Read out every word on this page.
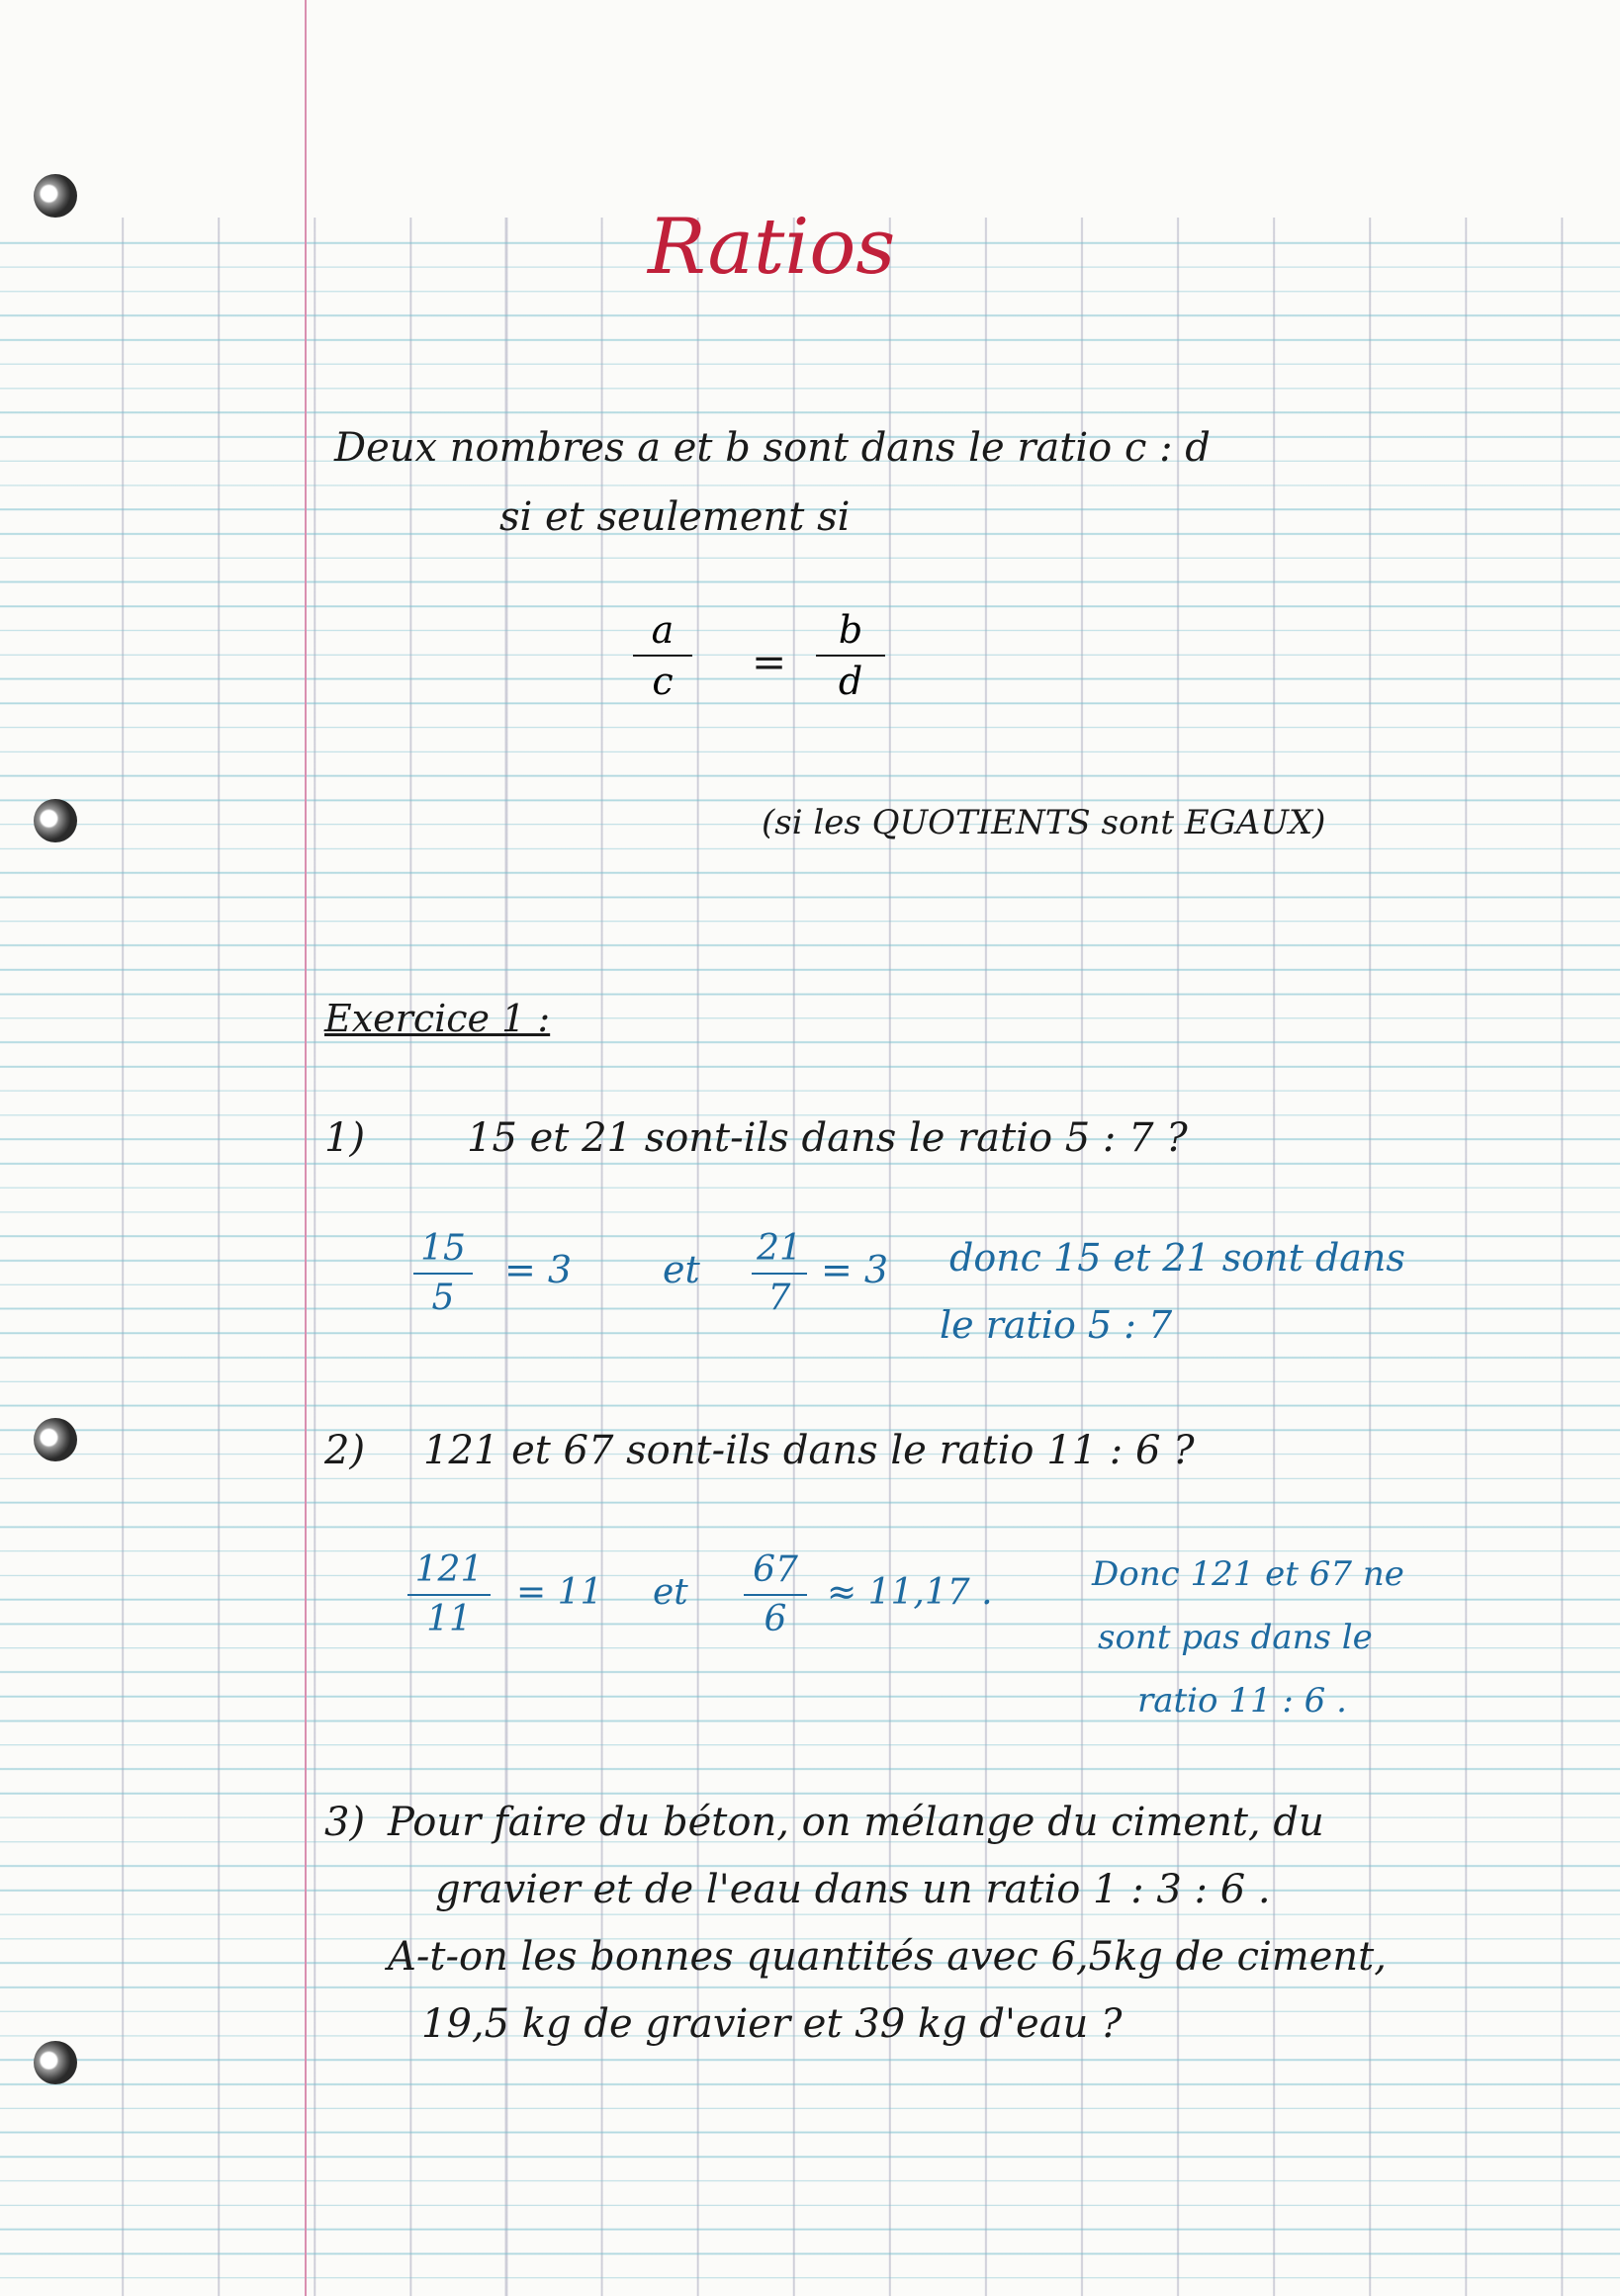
Ratios
Deux nombres a et b sont dans le ratio c : d
si et seulement si
a
c	=
b
d
(si les QUOTIENTS sont EGAUX)
Exercice 1 :
1)	15 et 21 sont-ils dans le ratio 5 : 7 ?
15
5
= 3 et 21
7
= 3 donc 15 et 21 sont dans
le ratio 5 : 7
2) 121 et 67 sont-ils dans le ratio 11 : 6 ?
121
11
= 11 et
67
6
≈ 11,17 .	Donc 121 et 67 ne
sont pas dans le
ratio 11 : 6 .
3) Pour faire du béton, on mélange du ciment, du
gravier et de l'eau dans un ratio 1 : 3 : 6 .
A-t-on les bonnes quantités avec 6,5kg de ciment,
19,5 kg de gravier et 39 kg d'eau ?
